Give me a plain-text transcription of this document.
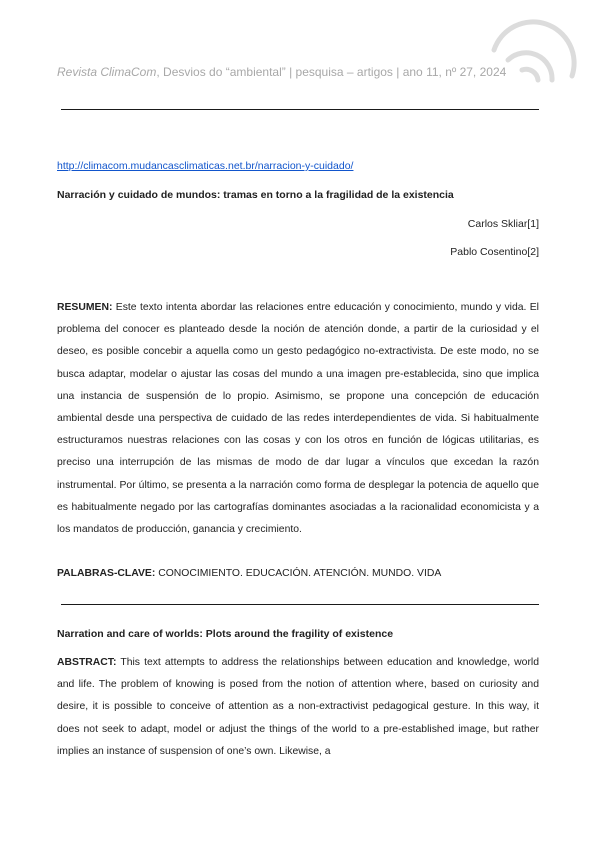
Revista ClimaCom, Desvios do “ambiental” | pesquisa – artigos | ano 11, nº 27, 2024
http://climacom.mudancasclimaticas.net.br/narracion-y-cuidado/
Narración y cuidado de mundos: tramas en torno a la fragilidad de la existencia
Carlos Skliar[1]
Pablo Cosentino[2]

RESUMEN: Este texto intenta abordar las relaciones entre educación y conocimiento, mundo y vida. El problema del conocer es planteado desde la noción de atención donde, a partir de la curiosidad y el deseo, es posible concebir a aquella como un gesto pedagógico no-extractivista. De este modo, no se busca adaptar, modelar o ajustar las cosas del mundo a una imagen pre-establecida, sino que implica una instancia de suspensión de lo propio. Asimismo, se propone una concepción de educación ambiental desde una perspectiva de cuidado de las redes interdependientes de vida. Si habitualmente estructuramos nuestras relaciones con las cosas y con los otros en función de lógicas utilitarias, es preciso una interrupción de las mismas de modo de dar lugar a vínculos que excedan la razón instrumental. Por último, se presenta a la narración como forma de desplegar la potencia de aquello que es habitualmente negado por las cartografías dominantes asociadas a la racionalidad economicista y a los mandatos de producción, ganancia y crecimiento.

PALABRAS-CLAVE: CONOCIMIENTO. EDUCACIÓN. ATENCIÓN. MUNDO. VIDA
Narration and care of worlds: Plots around the fragility of existence

ABSTRACT: This text attempts to address the relationships between education and knowledge, world and life. The problem of knowing is posed from the notion of attention where, based on curiosity and desire, it is possible to conceive of attention as a non-extractivist pedagogical gesture. In this way, it does not seek to adapt, model or adjust the things of the world to a pre-established image, but rather implies an instance of suspension of one’s own. Likewise, a
